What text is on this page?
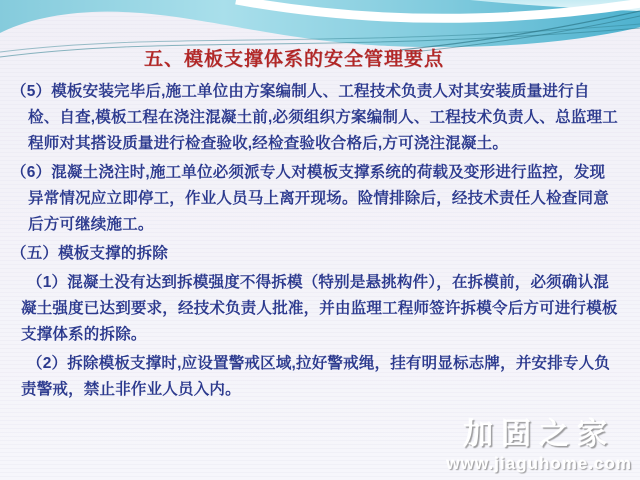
五、模板支撑体系的安全管理要点

（5）模板安装完毕后,施工单位由方案编制人、工程技术负责人对其安装质量进行自检、自查,模板工程在浇注混凝土前,必须组织方案编制人、工程技术负责人、总监理工程师对其搭设质量进行检查验收,经检查验收合格后,方可浇注混凝土。

（6）混凝土浇注时,施工单位必须派专人对模板支撑系统的荷载及变形进行监控，发现异常情况应立即停工，作业人员马上离开现场。险情排除后，经技术责任人检查同意后方可继续施工。

（五）模板支撑的拆除

（1）混凝土没有达到拆模强度不得拆模（特别是悬挑构件），在拆模前，必须确认混凝土强度已达到要求，经技术负责人批准，并由监理工程师签许拆模令后方可进行模板支撑体系的拆除。

（2）拆除模板支撑时,应设置警戒区域,拉好警戒绳，挂有明显标志牌，并安排专人负责警戒，禁止非作业人员入内。

加固之家
www.jiaguhome.com
